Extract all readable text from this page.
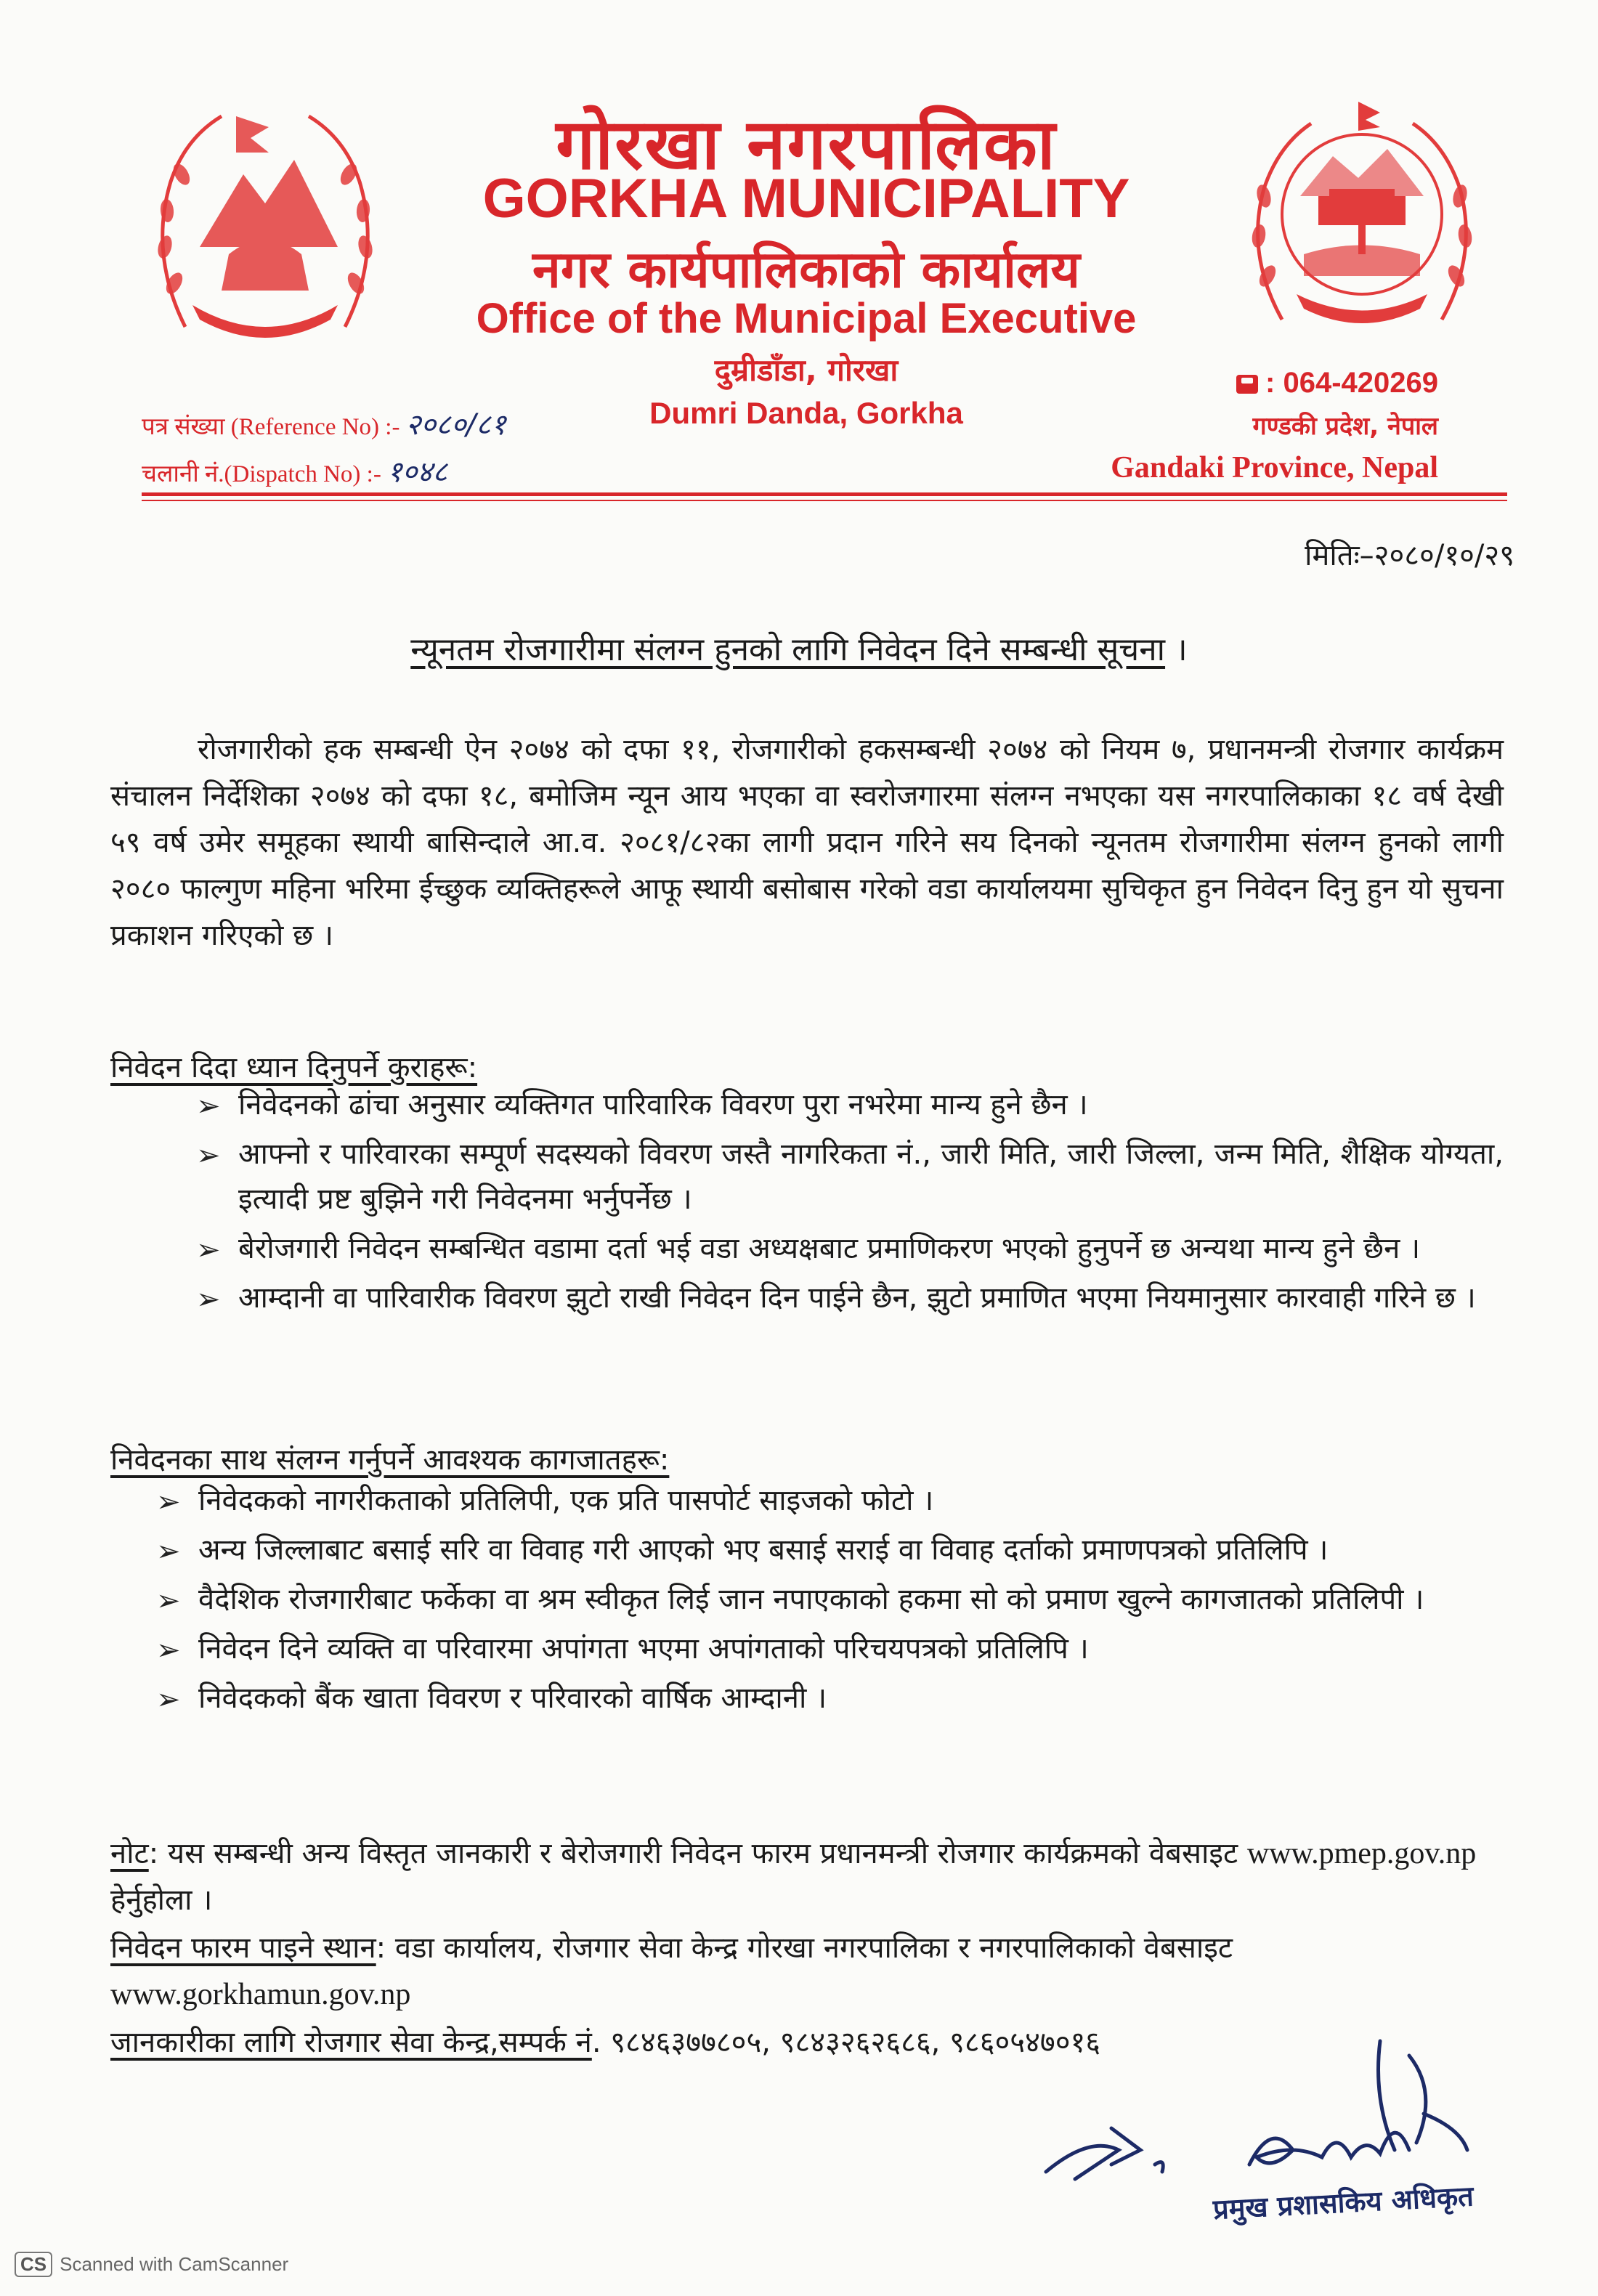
गोरखा नगरपालिका
GORKHA MUNICIPALITY
नगर कार्यपालिकाको कार्यालय
Office of the Municipal Executive
दुम्रीडाँडा, गोरखा
Dumri Danda, Gorkha
पत्र संख्या (Reference No) :- २०८०/८१
चलानी नं.(Dispatch No) :- १०४८
: 064-420269
गण्डकी प्रदेश, नेपाल
Gandaki Province, Nepal
मितिः–२०८०/१०/२९
न्यूनतम रोजगारीमा संलग्न हुनको लागि निवेदन दिने सम्बन्धी सूचना ।
रोजगारीको हक सम्बन्धी ऐन २०७४ को दफा ११, रोजगारीको हकसम्बन्धी २०७४ को नियम ७, प्रधानमन्त्री रोजगार कार्यक्रम संचालन निर्देशिका २०७४ को दफा १८, बमोजिम न्यून आय भएका वा स्वरोजगारमा संलग्न नभएका यस नगरपालिकाका १८ वर्ष देखी ५९ वर्ष उमेर समूहका स्थायी बासिन्दाले आ.व. २०८१/८२का लागी प्रदान गरिने सय दिनको न्यूनतम रोजगारीमा संलग्न हुनको लागी २०८० फाल्गुण महिना भरिमा ईच्छुक व्यक्तिहरूले आफू स्थायी बसोबास गरेको वडा कार्यालयमा सुचिकृत हुन निवेदन दिनु हुन यो सुचना प्रकाशन गरिएको छ ।
निवेदन दिदा ध्यान दिनुपर्ने कुराहरू:
➢ निवेदनको ढांचा अनुसार व्यक्तिगत पारिवारिक विवरण पुरा नभरेमा मान्य हुने छैन ।
➢ आफ्नो र पारिवारका सम्पूर्ण सदस्यको विवरण जस्तै नागरिकता नं., जारी मिति, जारी जिल्ला, जन्म मिति, शैक्षिक योग्यता, इत्यादी प्रष्ट बुझिने गरी निवेदनमा भर्नुपर्नेछ ।
➢ बेरोजगारी निवेदन सम्बन्धित वडामा दर्ता भई वडा अध्यक्षबाट प्रमाणिकरण भएको हुनुपर्ने छ अन्यथा मान्य हुने छैन ।
➢ आम्दानी वा पारिवारीक विवरण झुटो राखी निवेदन दिन पाईने छैन, झुटो प्रमाणित भएमा नियमानुसार कारवाही गरिने छ ।
निवेदनका साथ संलग्न गर्नुपर्ने आवश्यक कागजातहरू:
➢ निवेदकको नागरीकताको प्रतिलिपी, एक प्रति पासपोर्ट साइजको फोटो ।
➢ अन्य जिल्लाबाट बसाई सरि वा विवाह गरी आएको भए बसाई सराई वा विवाह दर्ताको प्रमाणपत्रको प्रतिलिपि ।
➢ वैदेशिक रोजगारीबाट फर्केका वा श्रम स्वीकृत लिई जान नपाएकाको हकमा सो को प्रमाण खुल्ने कागजातको प्रतिलिपी ।
➢ निवेदन दिने व्यक्ति वा परिवारमा अपांगता भएमा अपांगताको परिचयपत्रको प्रतिलिपि ।
➢ निवेदकको बैंक खाता विवरण र परिवारको वार्षिक आम्दानी ।
नोट: यस सम्बन्धी अन्य विस्तृत जानकारी र बेरोजगारी निवेदन फारम प्रधानमन्त्री रोजगार कार्यक्रमको वेबसाइट www.pmep.gov.np हेर्नुहोला ।
निवेदन फारम पाइने स्थान: वडा कार्यालय, रोजगार सेवा केन्द्र गोरखा नगरपालिका र नगरपालिकाको वेबसाइट www.gorkhamun.gov.np
जानकारीका लागि रोजगार सेवा केन्द्र,सम्पर्क नं. ९८४६३७७८०५, ९८४३२६२६८६, ९८६०५४७०१६
प्रमुख प्रशासकिय अधिकृत
CS Scanned with CamScanner
